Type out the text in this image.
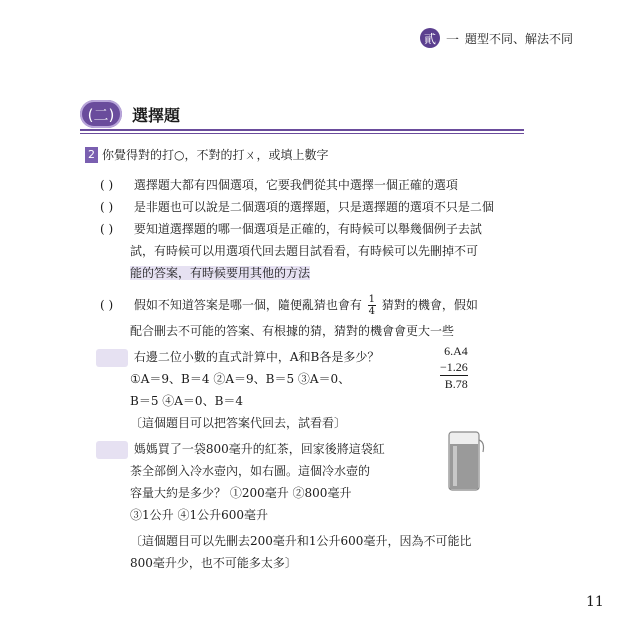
貳 一 題型不同、解法不同
(二)	選擇題
2 你覺得對的打○，不對的打ㄨ，或填上數字
( ) 選擇題大都有四個選項，它要我們從其中選擇一個正確的選項
( ) 是非題也可以說是二個選項的選擇題，只是選擇題的選項不只是二個
( ) 要知道選擇題的哪一個選項是正確的，有時候可以舉幾個例子去試
試，有時候可以用選項代回去題目試看看，有時候可以先刪掉不可
能的答案，有時候要用其他的方法
( ) 假如不知道答案是哪一個，隨便亂猜也會有 $\frac{1}{4}$ 猜對的機會，假如
配合刪去不可能的答案、有根據的猜，猜對的機會會更大一些
右邊二位小數的直式計算中，A和B各是多少？
①A＝9、B＝4 ②A＝9、B＝5 ③A＝0、
B＝5 ④A＝0、B＝4
〔這個題目可以把答案代回去，試看看〕
6.A4
−1.26
B.78
媽媽買了一袋800毫升的紅茶，回家後將這袋紅
茶全部倒入冷水壺內，如右圖。這個冷水壺的
容量大約是多少？ ①200毫升 ②800毫升
③1公升 ④1公升600毫升
〔這個題目可以先刪去200毫升和1公升600毫升，因為不可能比
800毫升少，也不可能多太多〕
11
